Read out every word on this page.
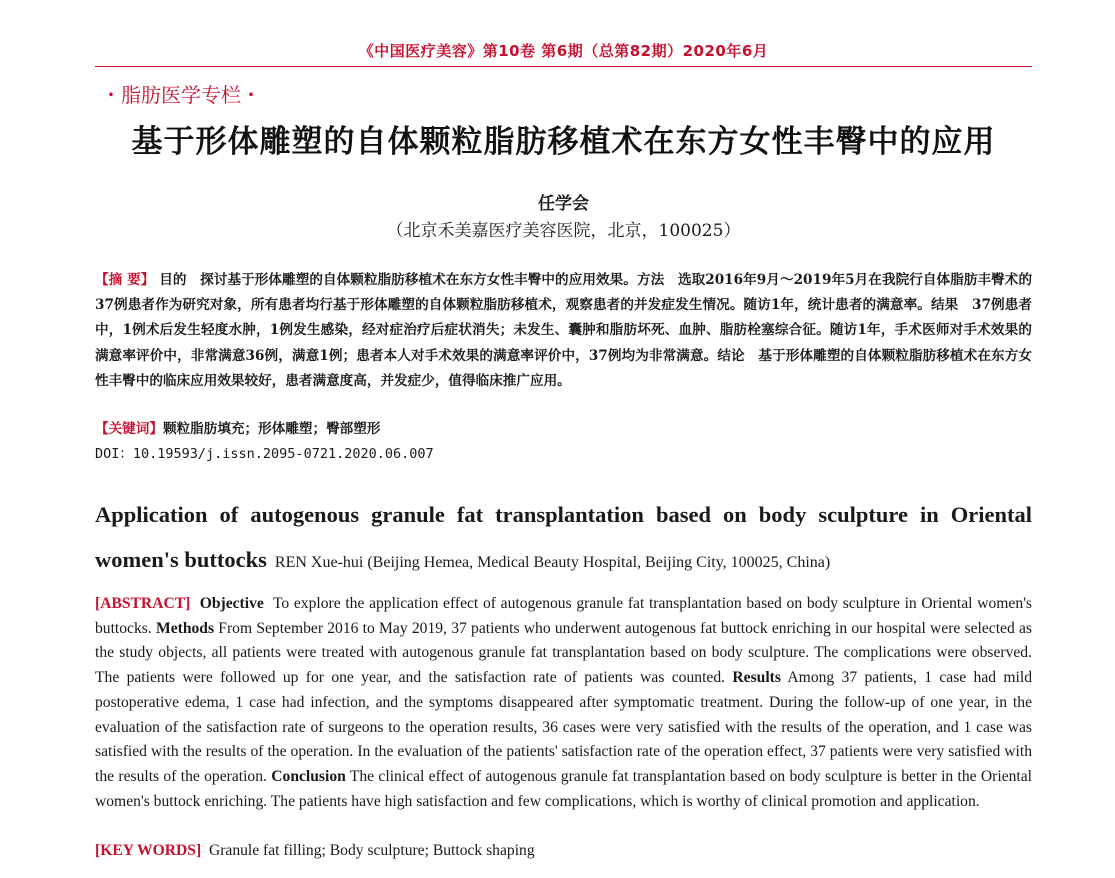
《中国医疗美容》第10卷 第6期（总第82期）2020年6月
・脂肪医学专栏・
基于形体雕塑的自体颗粒脂肪移植术在东方女性丰臀中的应用
任学会
（北京禾美嘉医疗美容医院，北京，100025）
【摘 要】 目的　 探讨基于形体雕塑的自体颗粒脂肪移植术在东方女性丰臀中的应用效果。方法　 选取2016年9月～2019年5月在我院行自体脂肪丰臀术的37例患者作为研究对象，所有患者均行基于形体雕塑的自体颗粒脂肪移植术，观察患者的并发症发生情况。随访1年，统计患者的满意率。结果　 37例患者中，1例术后发生轻度水肿，1例发生感染，经对症治疗后症状消失；未发生、囊肿和脂肪坏死、血肿、脂肪栓塞综合征。随访1年，手术医师对手术效果的满意率评价中，非常满意36例，满意1例；患者本人对手术效果的满意率评价中，37例均为非常满意。结论　 基于形体雕塑的自体颗粒脂肪移植术在东方女性丰臀中的临床应用效果较好，患者满意度高，并发症少，值得临床推广应用。
【关键词】颗粒脂肪填充；形体雕塑；臀部塑形
DOI：10.19593/j.issn.2095-0721.2020.06.007
Application of autogenous granule fat transplantation based on body sculpture in Oriental
women's buttocks REN Xue-hui (Beijing Hemea, Medical Beauty Hospital, Beijing City, 100025, China)
[ABSTRACT] Objective To explore the application effect of autogenous granule fat transplantation based on body sculpture in Oriental women's buttocks. Methods From September 2016 to May 2019, 37 patients who underwent autogenous fat buttock enriching in our hospital were selected as the study objects, all patients were treated with autogenous granule fat transplantation based on body sculpture. The complications were observed. The patients were followed up for one year, and the satisfaction rate of patients was counted. Results Among 37 patients, 1 case had mild postoperative edema, 1 case had infection, and the symptoms disappeared after symptomatic treatment. During the follow-up of one year, in the evaluation of the satisfaction rate of surgeons to the operation results, 36 cases were very satisfied with the results of the operation, and 1 case was satisfied with the results of the operation. In the evaluation of the patients' satisfaction rate of the operation effect, 37 patients were very satisfied with the results of the operation. Conclusion The clinical effect of autogenous granule fat transplantation based on body sculpture is better in the Oriental women's buttock enriching. The patients have high satisfaction and few complications, which is worthy of clinical promotion and application.
[KEY WORDS] Granule fat filling; Body sculpture; Buttock shaping
